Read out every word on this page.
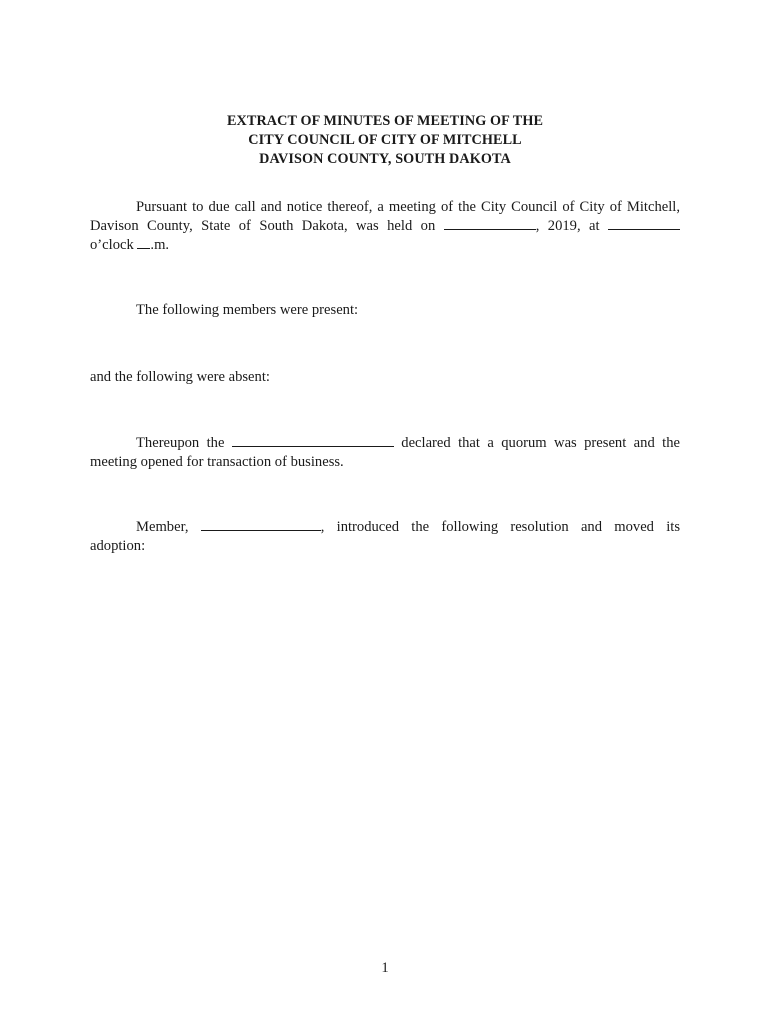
EXTRACT OF MINUTES OF MEETING OF THE
CITY COUNCIL OF CITY OF MITCHELL
DAVISON COUNTY, SOUTH DAKOTA
Pursuant to due call and notice thereof, a meeting of the City Council of City of Mitchell,
Davison County, State of South Dakota, was held on	, 2019, at
o’clock .m.
The following members were present:
and the following were absent:
Thereupon the	declared that a quorum was present and the
meeting opened for transaction of business.
Member,	, introduced the following resolution and moved its
adoption:
1
